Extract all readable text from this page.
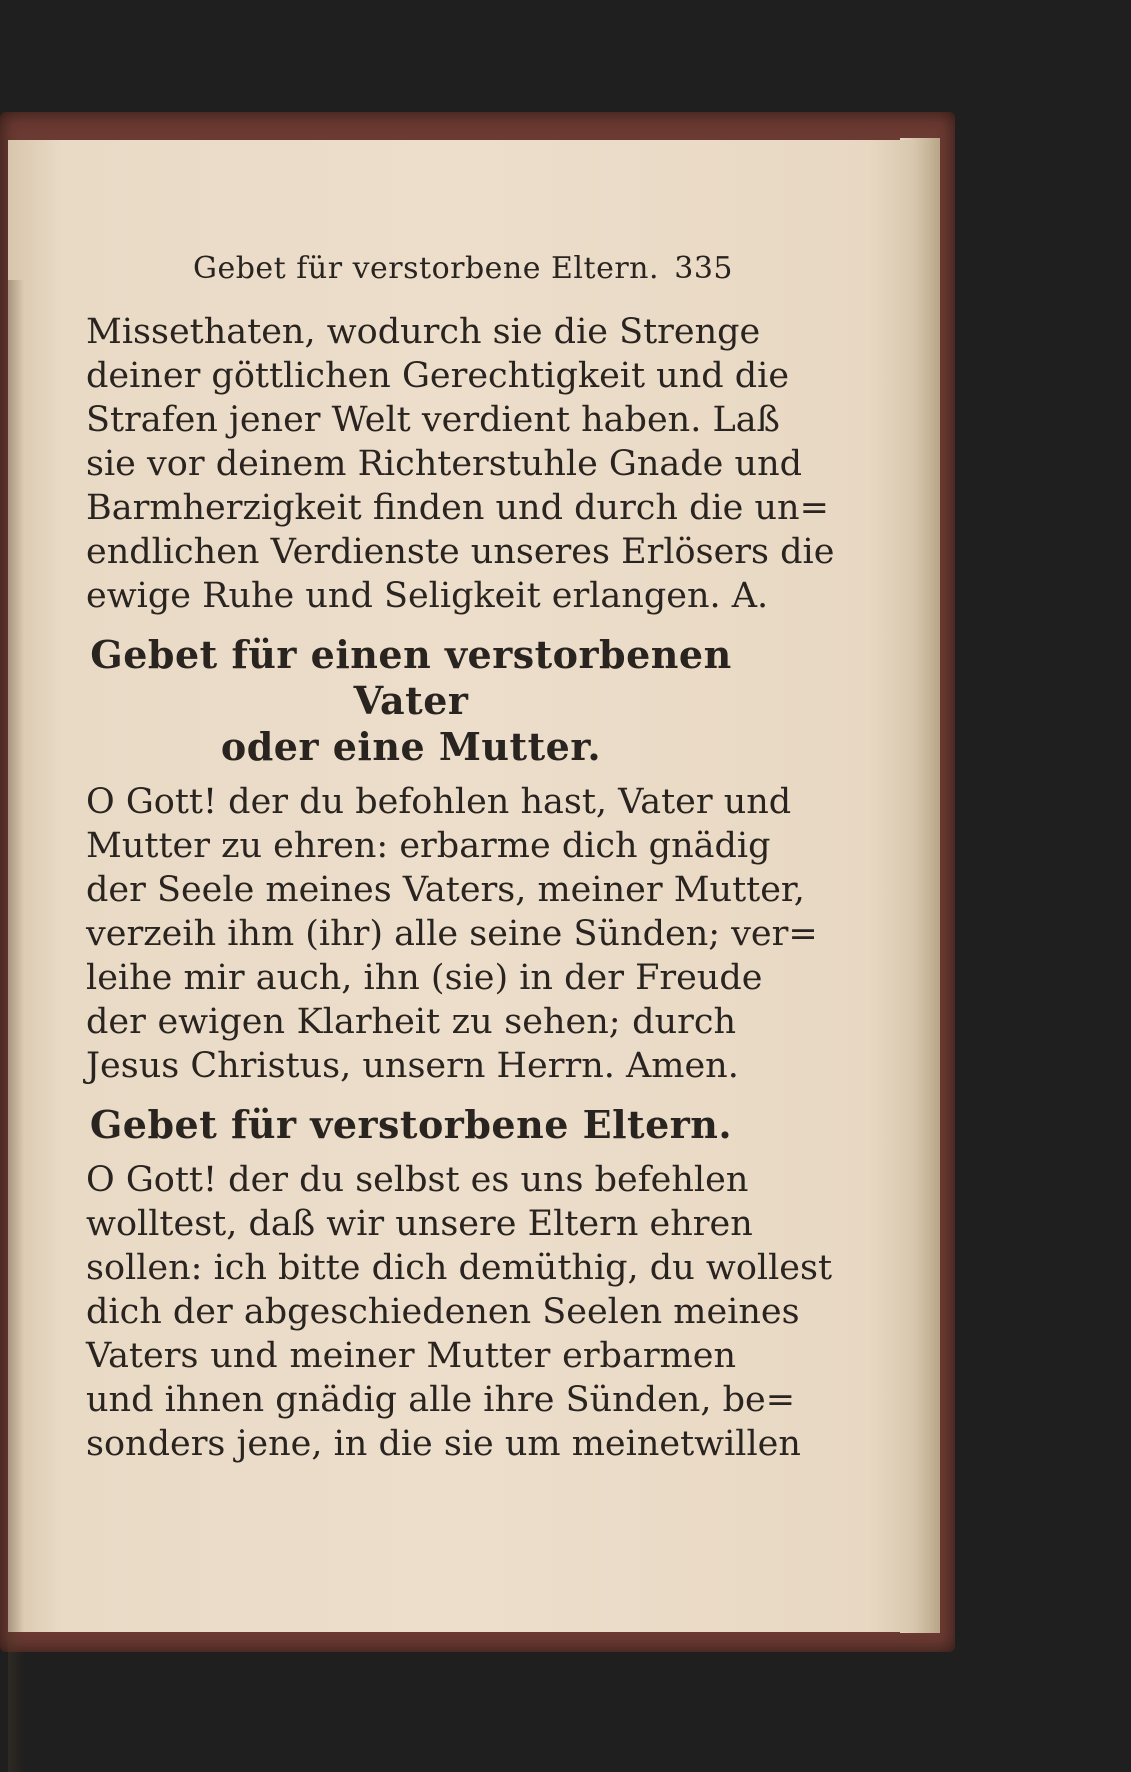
Gebet für verstorbene Eltern. 335

Missethaten, wodurch sie die Strenge
deiner göttlichen Gerechtigkeit und die
Strafen jener Welt verdient haben. Laß
sie vor deinem Richterstuhle Gnade und
Barmherzigkeit finden und durch die un=
endlichen Verdienste unseres Erlösers die
ewige Ruhe und Seligkeit erlangen. A.

Gebet für einen verstorbenen Vater
oder eine Mutter.

O Gott! der du befohlen hast, Vater und
Mutter zu ehren: erbarme dich gnädig
der Seele meines Vaters, meiner Mutter,
verzeih ihm (ihr) alle seine Sünden; ver=
leihe mir auch, ihn (sie) in der Freude
der ewigen Klarheit zu sehen; durch
Jesus Christus, unsern Herrn. Amen.

Gebet für verstorbene Eltern.

O Gott! der du selbst es uns befehlen
wolltest, daß wir unsere Eltern ehren
sollen: ich bitte dich demüthig, du wollest
dich der abgeschiedenen Seelen meines
Vaters und meiner Mutter erbarmen
und ihnen gnädig alle ihre Sünden, be=
sonders jene, in die sie um meinetwillen
